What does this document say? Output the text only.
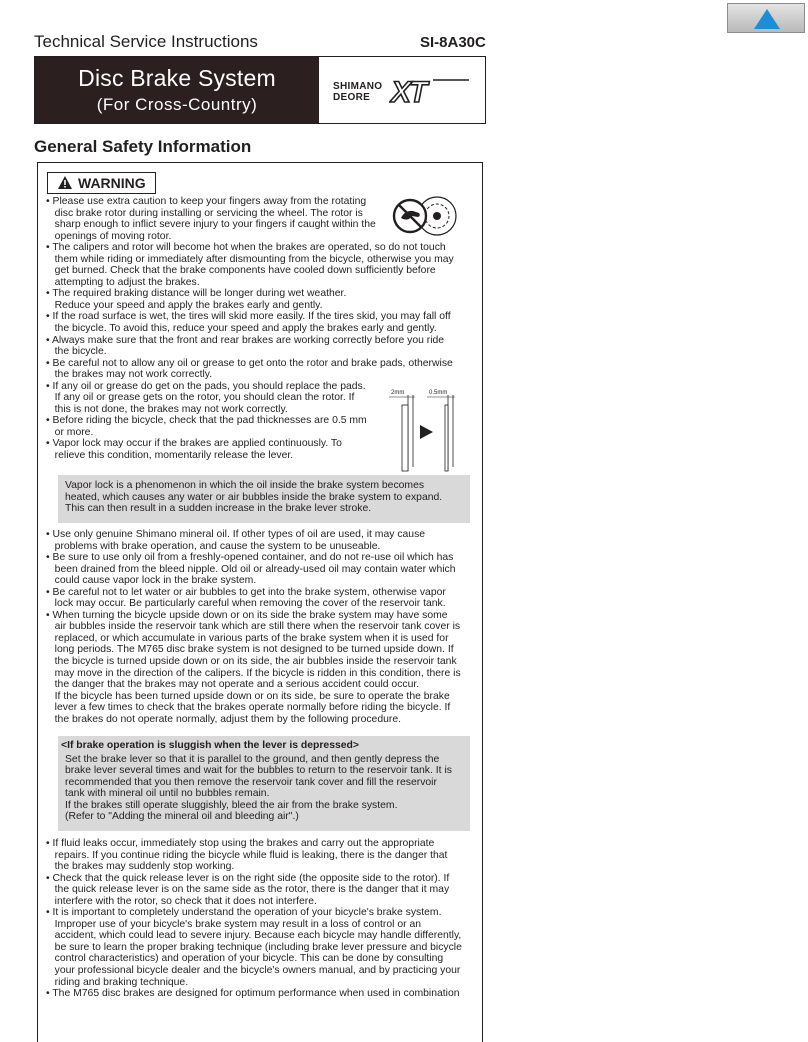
Technical Service Instructions	SI-8A30C
Disc Brake System
(For Cross-Country)
SHIMANO
DEORE XT
General Safety Information
WARNING
2mm	0.5mm
• Please use extra caution to keep your fingers away from the rotating
disc brake rotor during installing or servicing the wheel. The rotor is
sharp enough to inflict severe injury to your fingers if caught within the
openings of moving rotor.
• The calipers and rotor will become hot when the brakes are operated, so do not touch
them while riding or immediately after dismounting from the bicycle, otherwise you may
get burned. Check that the brake components have cooled down sufficiently before
attempting to adjust the brakes.
• The required braking distance will be longer during wet weather.
Reduce your speed and apply the brakes early and gently.
• If the road surface is wet, the tires will skid more easily. If the tires skid, you may fall off
the bicycle. To avoid this, reduce your speed and apply the brakes early and gently.
• Always make sure that the front and rear brakes are working correctly before you ride
the bicycle.
• Be careful not to allow any oil or grease to get onto the rotor and brake pads, otherwise
the brakes may not work correctly.
• If any oil or grease do get on the pads, you should replace the pads.
If any oil or grease gets on the rotor, you should clean the rotor. If
this is not done, the brakes may not work correctly.
• Before riding the bicycle, check that the pad thicknesses are 0.5 mm
or more.
• Vapor lock may occur if the brakes are applied continuously. To
relieve this condition, momentarily release the lever.
Vapor lock is a phenomenon in which the oil inside the brake system becomes
heated, which causes any water or air bubbles inside the brake system to expand.
This can then result in a sudden increase in the brake lever stroke.
• Use only genuine Shimano mineral oil. If other types of oil are used, it may cause
problems with brake operation, and cause the system to be unuseable.
• Be sure to use only oil from a freshly-opened container, and do not re-use oil which has
been drained from the bleed nipple. Old oil or already-used oil may contain water which
could cause vapor lock in the brake system.
• Be careful not to let water or air bubbles to get into the brake system, otherwise vapor
lock may occur. Be particularly careful when removing the cover of the reservoir tank.
• When turning the bicycle upside down or on its side the brake system may have some
air bubbles inside the reservoir tank which are still there when the reservoir tank cover is
replaced, or which accumulate in various parts of the brake system when it is used for
long periods. The M765 disc brake system is not designed to be turned upside down. If
the bicycle is turned upside down or on its side, the air bubbles inside the reservoir tank
may move in the direction of the calipers. If the bicycle is ridden in this condition, there is
the danger that the brakes may not operate and a serious accident could occur.
If the bicycle has been turned upside down or on its side, be sure to operate the brake
lever a few times to check that the brakes operate normally before riding the bicycle. If
the brakes do not operate normally, adjust them by the following procedure.
<If brake operation is sluggish when the lever is depressed>
Set the brake lever so that it is parallel to the ground, and then gently depress the
brake lever several times and wait for the bubbles to return to the reservoir tank. It is
recommended that you then remove the reservoir tank cover and fill the reservoir
tank with mineral oil until no bubbles remain.
If the brakes still operate sluggishly, bleed the air from the brake system.
(Refer to "Adding the mineral oil and bleeding air".)
• If fluid leaks occur, immediately stop using the brakes and carry out the appropriate
repairs. If you continue riding the bicycle while fluid is leaking, there is the danger that
the brakes may suddenly stop working.
• Check that the quick release lever is on the right side (the opposite side to the rotor). If
the quick release lever is on the same side as the rotor, there is the danger that it may
interfere with the rotor, so check that it does not interfere.
• It is important to completely understand the operation of your bicycle's brake system.
Improper use of your bicycle's brake system may result in a loss of control or an
accident, which could lead to severe injury. Because each bicycle may handle differently,
be sure to learn the proper braking technique (including brake lever pressure and bicycle
control characteristics) and operation of your bicycle. This can be done by consulting
your professional bicycle dealer and the bicycle's owners manual, and by practicing your
riding and braking technique.
• The M765 disc brakes are designed for optimum performance when used in combination
